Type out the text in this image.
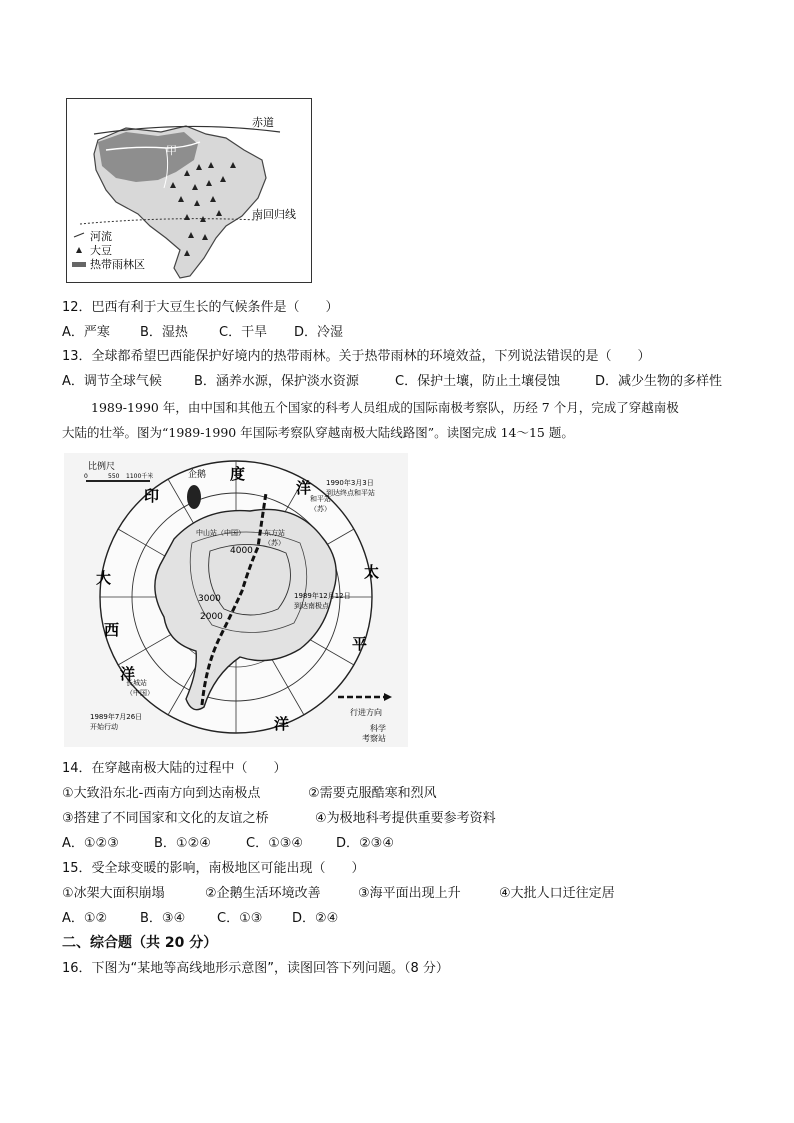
赤道
南回归线
甲
河流
大豆
热带雨林区
12．巴西有利于大豆生长的气候条件是（　　）
A．严寒 B．湿热 C．干旱 D．冷湿
13．全球都希望巴西能保护好境内的热带雨林。关于热带雨林的环境效益，下列说法错误的是（　　）
A．调节全球气候 B．涵养水源，保护淡水资源	C．保护土壤，防止土壤侵蚀	D．减少生物的多样性
1989-1990 年，由中国和其他五个国家的科考人员组成的国际南极考察队，历经 7 个月，完成了穿越南极
大陆的壮举。图为“1989-1990 年国际考察队穿越南极大陆线路图”。读图完成 14～15 题。
比例尺
0	550 1100千米	企鹅
印
度
洋
大
西
洋
太
平
洋
1990年3月3日
到达终点和平站
1989年12月12日
到达南极点
1989年7月26日
开始行动
长城站
（中国）
中山站（中国）	东方站
（苏）
和平站
（苏）
4000
3000
2000
行进方向
科学
考察站
14．在穿越南极大陆的过程中（　　）
①大致沿东北-西南方向到达南极点	②需要克服酷寒和烈风
③搭建了不同国家和文化的友谊之桥	④为极地科考提供重要参考资料
A．①②③	B．①②④	C．①③④	D．②③④
15．受全球变暖的影响，南极地区可能出现（　　）
①冰架大面积崩塌	②企鹅生活环境改善	③海平面出现上升	④大批人口迁往定居
A．①②	B．③④ C．①③ D．②④
二、综合题（共 20 分）
16．下图为“某地等高线地形示意图”，读图回答下列问题。（8 分）
